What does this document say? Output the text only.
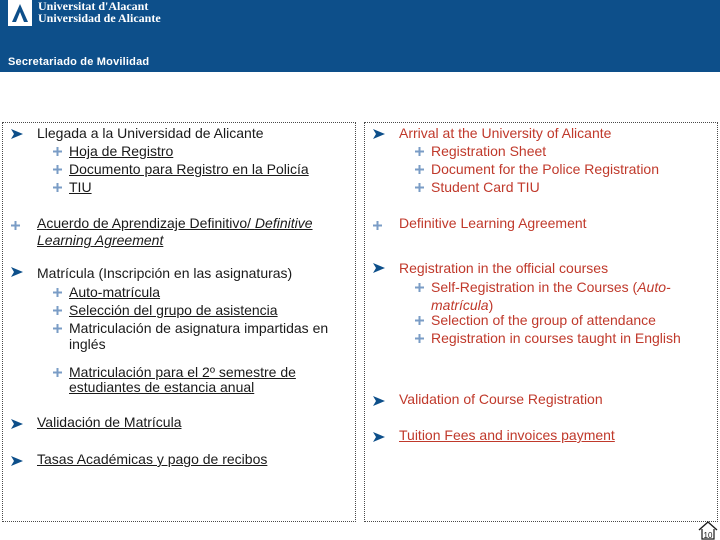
Universitat d'Alacant
Universidad de Alicante
Secretariado de Movilidad
Llegada a la Universidad de Alicante
Hoja de Registro
Documento para Registro en la Policía
TIU
Acuerdo de Aprendizaje Definitivo/ Definitive
Learning Agreement
Matrícula (Inscripción en las asignaturas)
Auto-matrícula
Selección del grupo de asistencia
Matriculación de asignatura impartidas en
inglés
Matriculación para el 2º semestre de
estudiantes de estancia anual
Validación de Matrícula
Tasas Académicas y pago de recibos
Arrival at the University of Alicante
Registration Sheet
Document for the Police Registration
Student Card TIU
Definitive Learning Agreement
Registration in the official courses
Self-Registration in the Courses (Auto-
matrícula)
Selection of the group of attendance
Registration in courses taught in English
Validation of Course Registration
Tuition Fees and invoices payment
10
